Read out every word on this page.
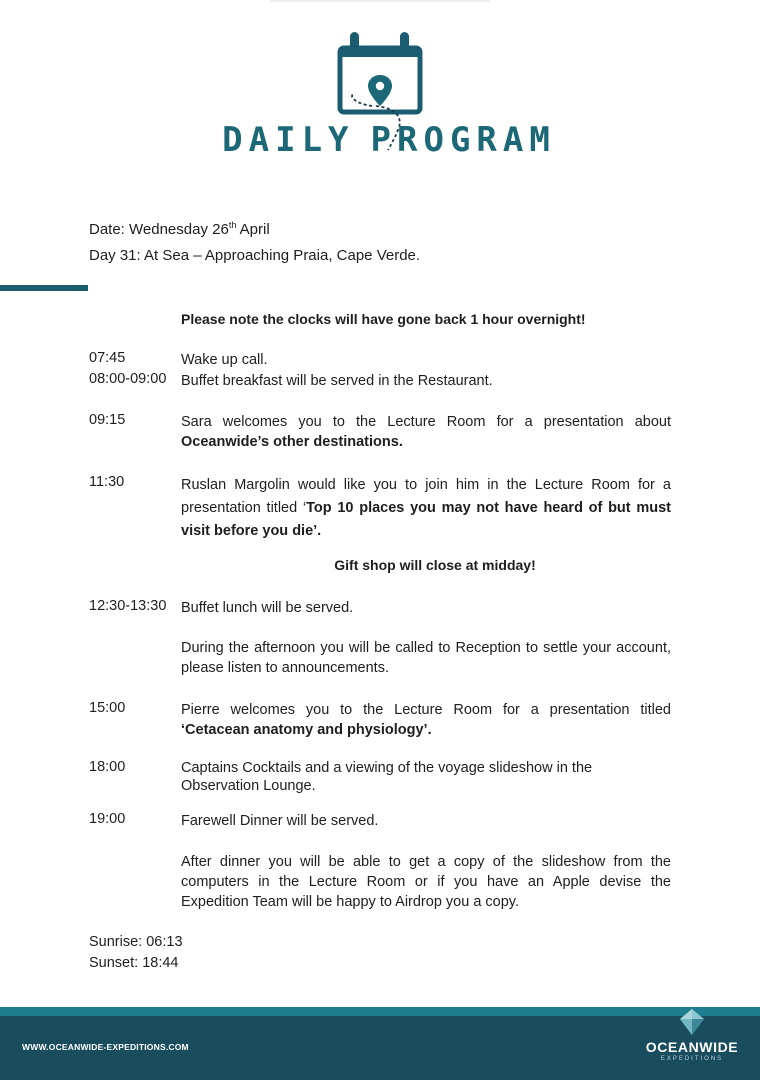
DAILY PROGRAM
Date: Wednesday 26th April
Day 31: At Sea – Approaching Praia, Cape Verde.
Please note the clocks will have gone back 1 hour overnight!
07:45	Wake up call.
08:00-09:00	Buffet breakfast will be served in the Restaurant.
09:15	Sara welcomes you to the Lecture Room for a presentation about Oceanwide’s other destinations.
11:30	Ruslan Margolin would like you to join him in the Lecture Room for a presentation titled ‘Top 10 places you may not have heard of but must visit before you die’.
Gift shop will close at midday!
12:30-13:30	Buffet lunch will be served.
During the afternoon you will be called to Reception to settle your account, please listen to announcements.
15:00	Pierre welcomes you to the Lecture Room for a presentation titled ‘Cetacean anatomy and physiology’.
18:00	Captains Cocktails and a viewing of the voyage slideshow in the Observation Lounge.
19:00	Farewell Dinner will be served.
After dinner you will be able to get a copy of the slideshow from the computers in the Lecture Room or if you have an Apple devise the Expedition Team will be happy to Airdrop you a copy.
Sunrise: 06:13
Sunset: 18:44
WWW.OCEANWIDE-EXPEDITIONS.COM	OCEANWIDE
EXPEDITIONS
